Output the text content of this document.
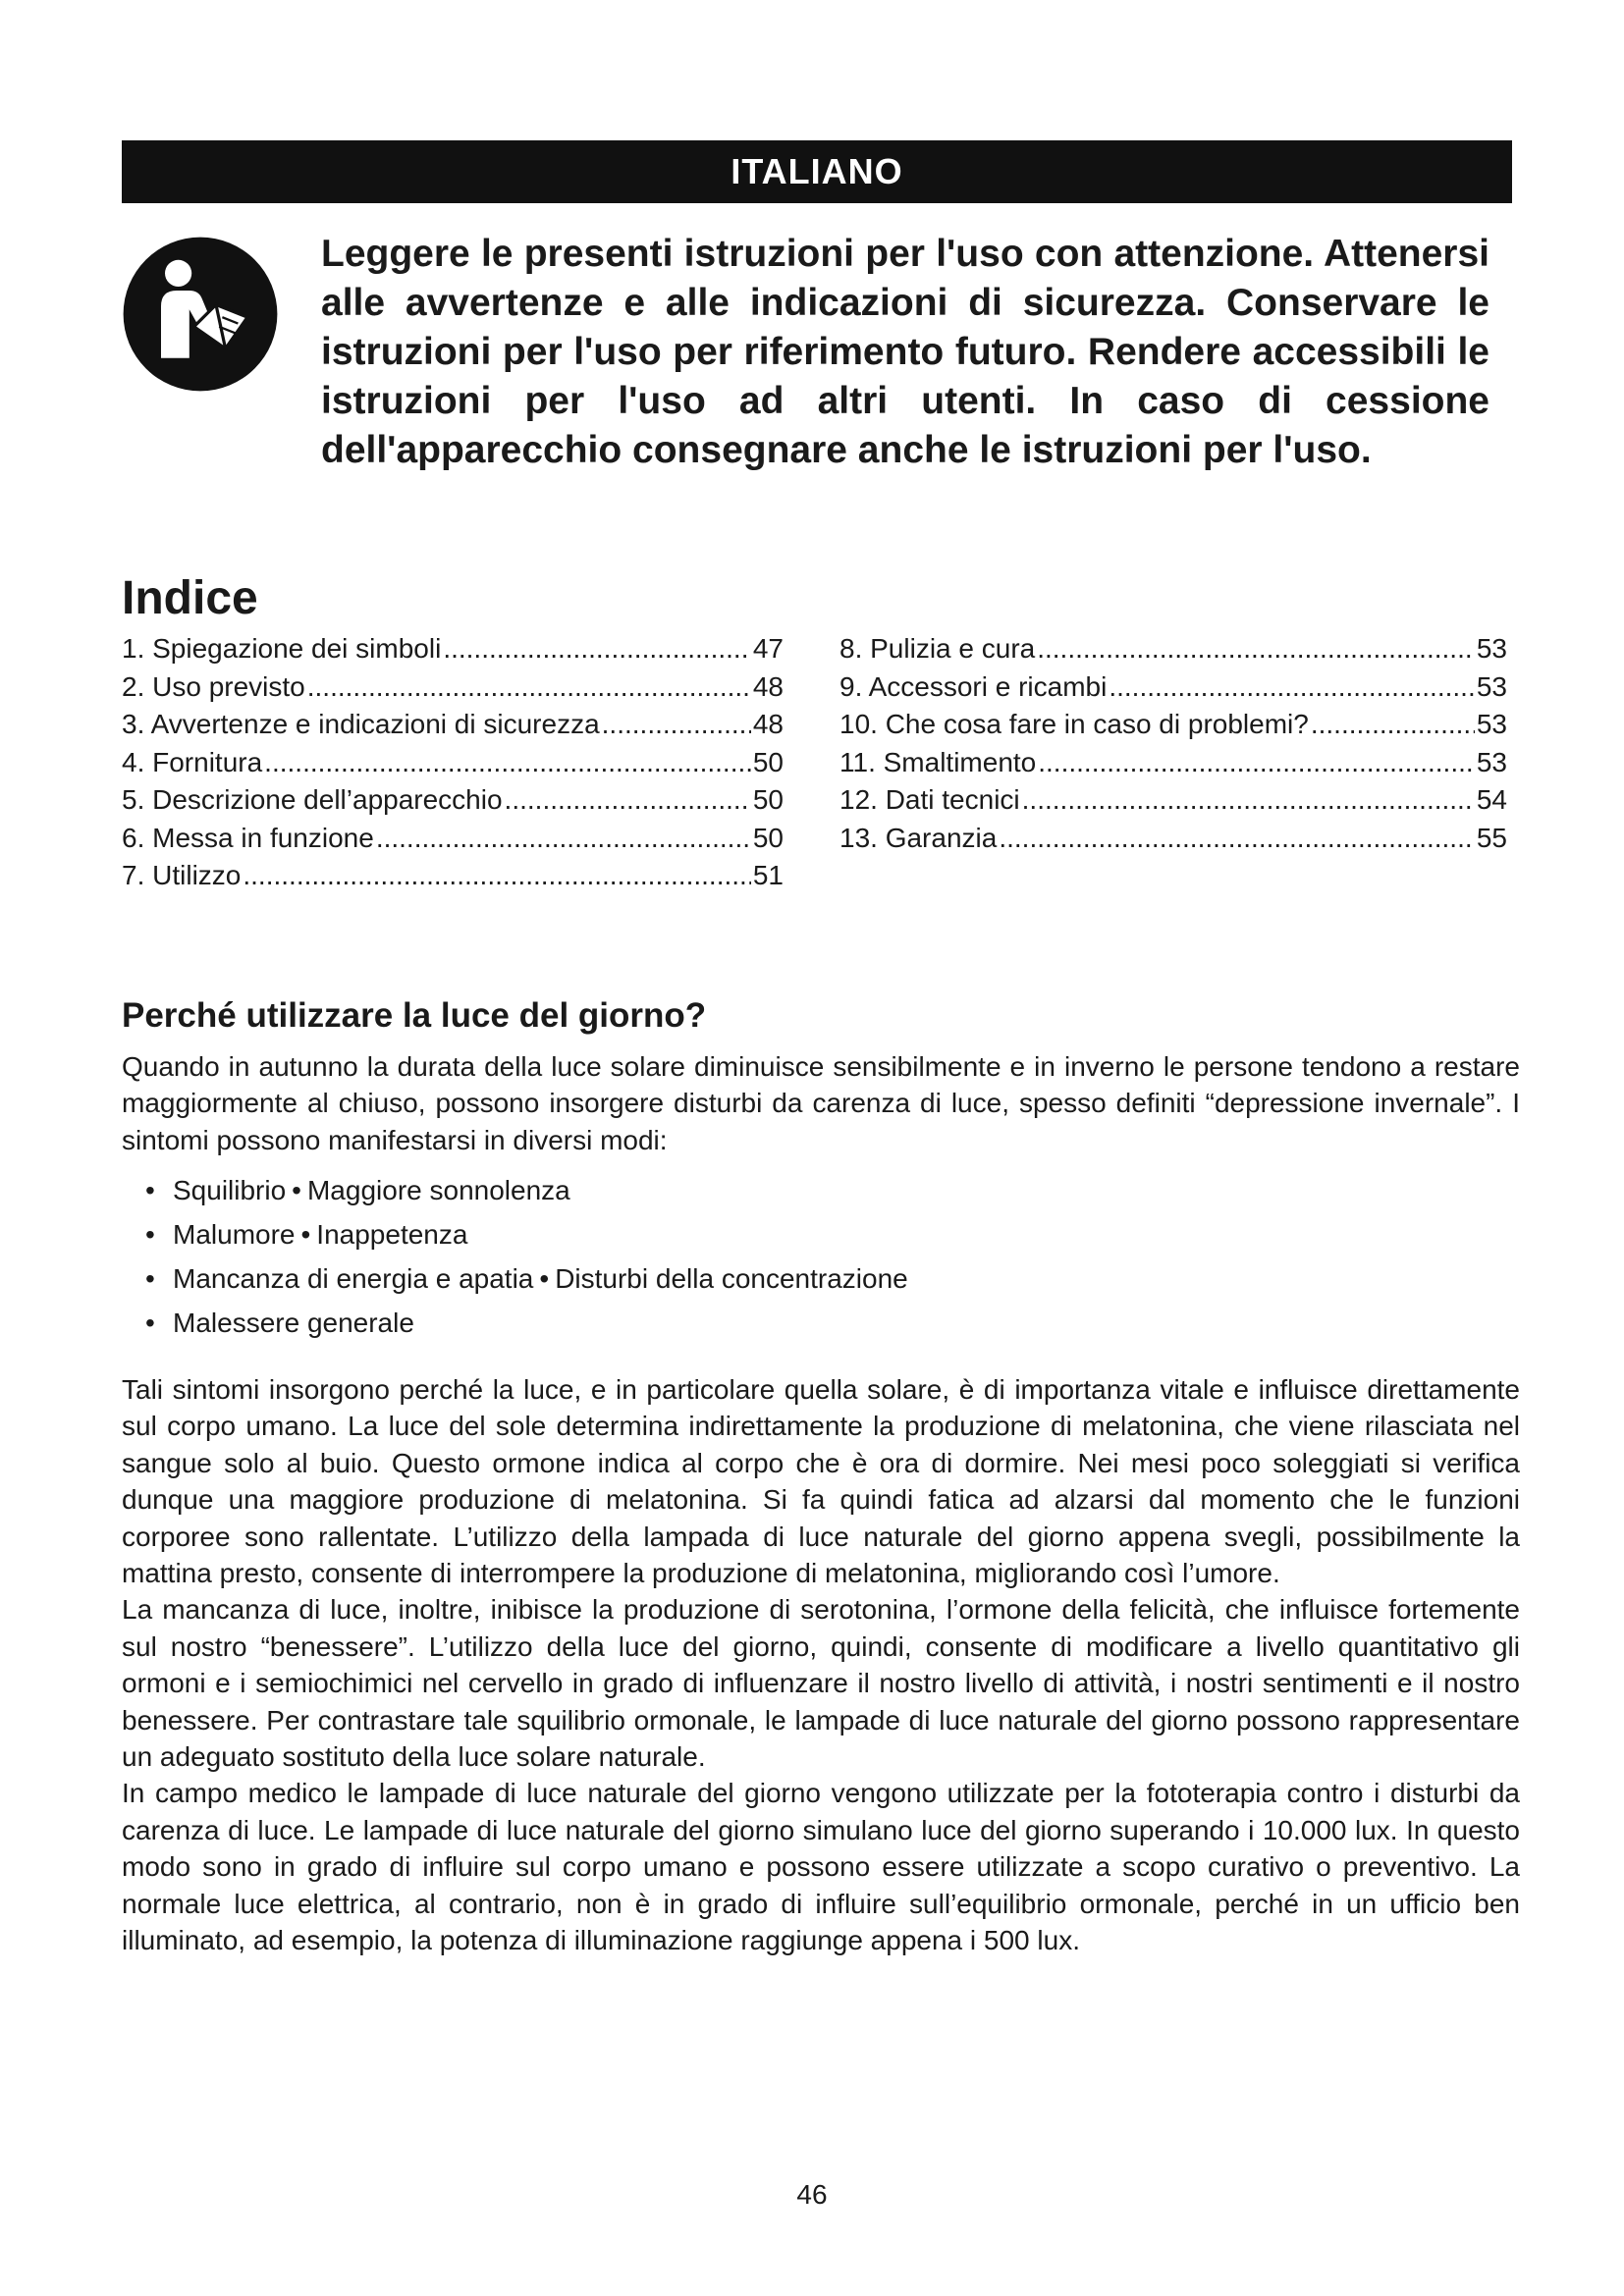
ITALIANO

Leggere le presenti istruzioni per l'uso con attenzione. Attenersi alle avvertenze e alle indicazioni di sicurezza. Conservare le istruzioni per l'uso per riferimento futuro. Rendere accessibili le istruzioni per l'uso ad altri utenti. In caso di cessione dell'apparecchio consegnare anche le istruzioni per l'uso.

Indice
1. Spiegazione dei simboli .....	47
2. Uso previsto .....	48
3. Avvertenze e indicazioni di sicurezza .....	48
4. Fornitura .....	50
5. Descrizione dell’apparecchio .....	50
6. Messa in funzione .....	50
7. Utilizzo .....	51
8. Pulizia e cura .....	53
9. Accessori e ricambi .....	53
10. Che cosa fare in caso di problemi? .....	53
11. Smaltimento .....	53
12. Dati tecnici .....	54
13. Garanzia .....	55
Perché utilizzare la luce del giorno?

Quando in autunno la durata della luce solare diminuisce sensibilmente e in inverno le persone tendono a restare maggiormente al chiuso, possono insorgere disturbi da carenza di luce, spesso definiti “depressione invernale”. I sintomi possono manifestarsi in diversi modi:

• Squilibrio • Maggiore sonnolenza
• Malumore • Inappetenza
• Mancanza di energia e apatia • Disturbi della concentrazione
• Malessere generale

Tali sintomi insorgono perché la luce, e in particolare quella solare, è di importanza vitale e influisce direttamente sul corpo umano. La luce del sole determina indirettamente la produzione di melatonina, che viene rilasciata nel sangue solo al buio. Questo ormone indica al corpo che è ora di dormire. Nei mesi poco soleggiati si verifica dunque una maggiore produzione di melatonina. Si fa quindi fatica ad alzarsi dal momento che le funzioni corporee sono rallentate. L’utilizzo della lampada di luce naturale del giorno appena svegli, possibilmente la mattina presto, consente di interrompere la produzione di melatonina, migliorando così l’umore.

La mancanza di luce, inoltre, inibisce la produzione di serotonina, l’ormone della felicità, che influisce fortemente sul nostro “benessere”. L’utilizzo della luce del giorno, quindi, consente di modificare a livello quantitativo gli ormoni e i semiochimici nel cervello in grado di influenzare il nostro livello di attività, i nostri sentimenti e il nostro benessere. Per contrastare tale squilibrio ormonale, le lampade di luce naturale del giorno possono rappresentare un adeguato sostituto della luce solare naturale.

In campo medico le lampade di luce naturale del giorno vengono utilizzate per la fototerapia contro i disturbi da carenza di luce. Le lampade di luce naturale del giorno simulano luce del giorno superando i 10.000 lux. In questo modo sono in grado di influire sul corpo umano e possono essere utilizzate a scopo curativo o preventivo. La normale luce elettrica, al contrario, non è in grado di influire sull’equilibrio ormonale, perché in un ufficio ben illuminato, ad esempio, la potenza di illuminazione raggiunge appena i 500 lux.

46
